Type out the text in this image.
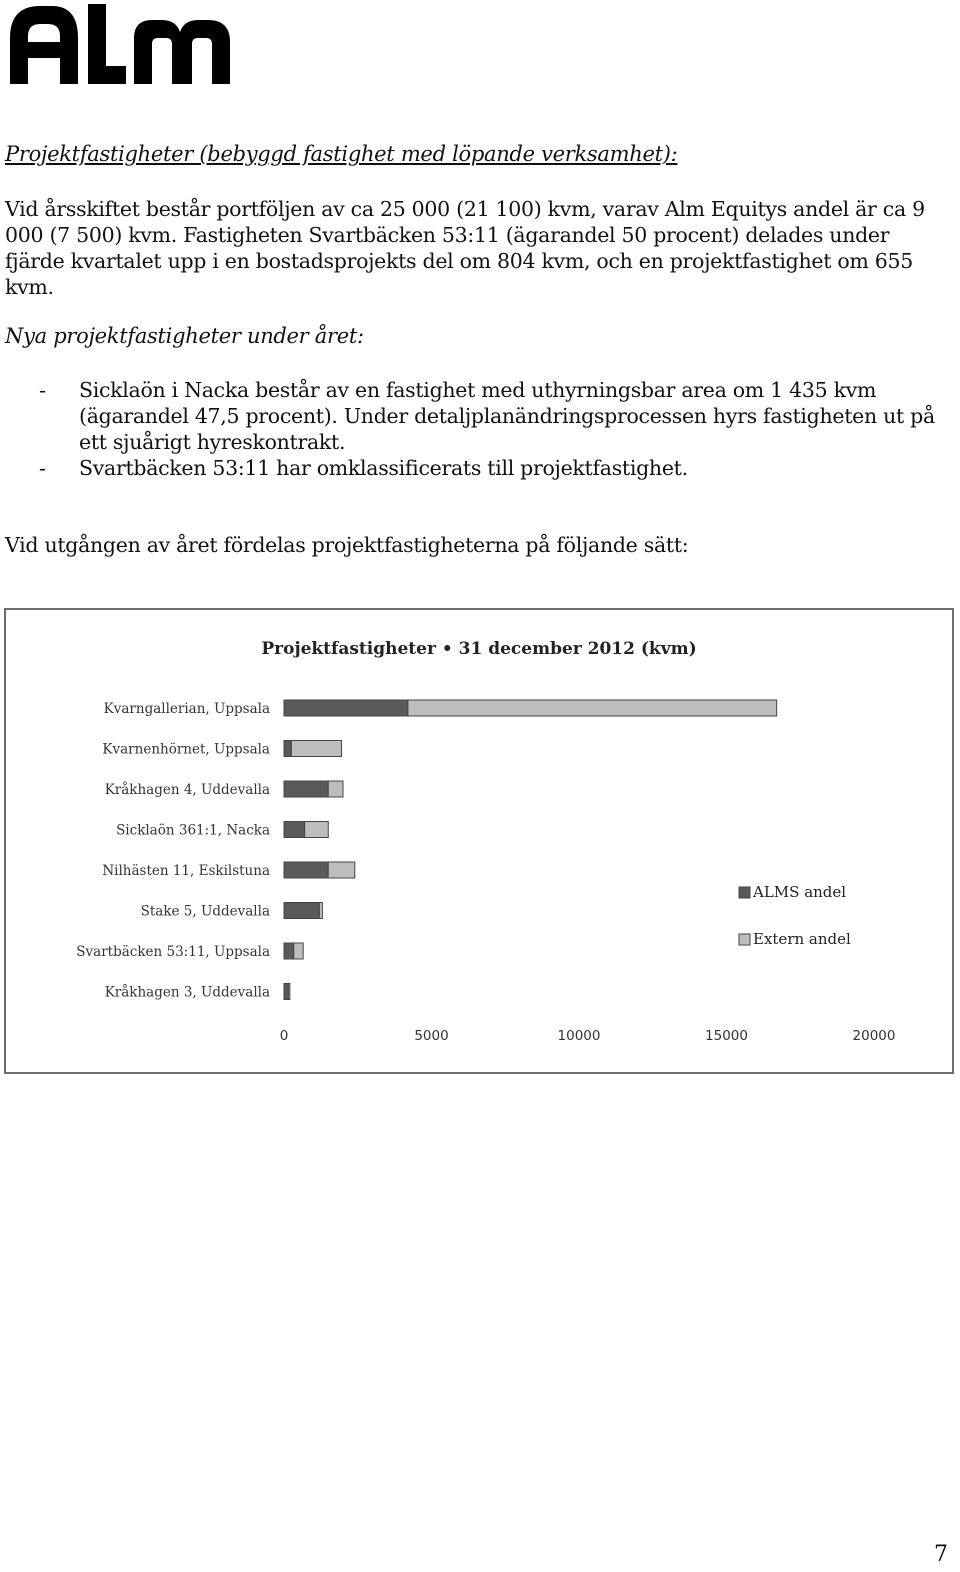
Projektfastigheter (bebyggd fastighet med löpande verksamhet):

Vid årsskiftet består portföljen av ca 25 000 (21 100) kvm, varav Alm Equitys andel är ca 9 000 (7 500) kvm. Fastigheten Svartbäcken 53:11 (ägarandel 50 procent) delades under fjärde kvartalet upp i en bostadsprojekts del om 804 kvm, och en projektfastighet om 655 kvm.

Nya projektfastigheter under året:

- Sicklaön i Nacka består av en fastighet med uthyrningsbar area om 1 435 kvm (ägarandel 47,5 procent). Under detaljplanändringsprocessen hyrs fastigheten ut på ett sjuårigt hyreskontrakt.
- Svartbäcken 53:11 har omklassificerats till projektfastighet.

Vid utgången av året fördelas projektfastigheterna på följande sätt:

Projektfastigheter • 31 december 2012 (kvm)
Kvarngallerian, Uppsala
Kvarnenhörnet, Uppsala
Kråkhagen 4, Uddevalla
Sicklaön 361:1, Nacka
Nilhästen 11, Eskilstuna
Stake 5, Uddevalla
Svartbäcken 53:11, Uppsala
Kråkhagen 3, Uddevalla
0	5000	10000	15000	20000
ALMS andel
Extern andel

7
